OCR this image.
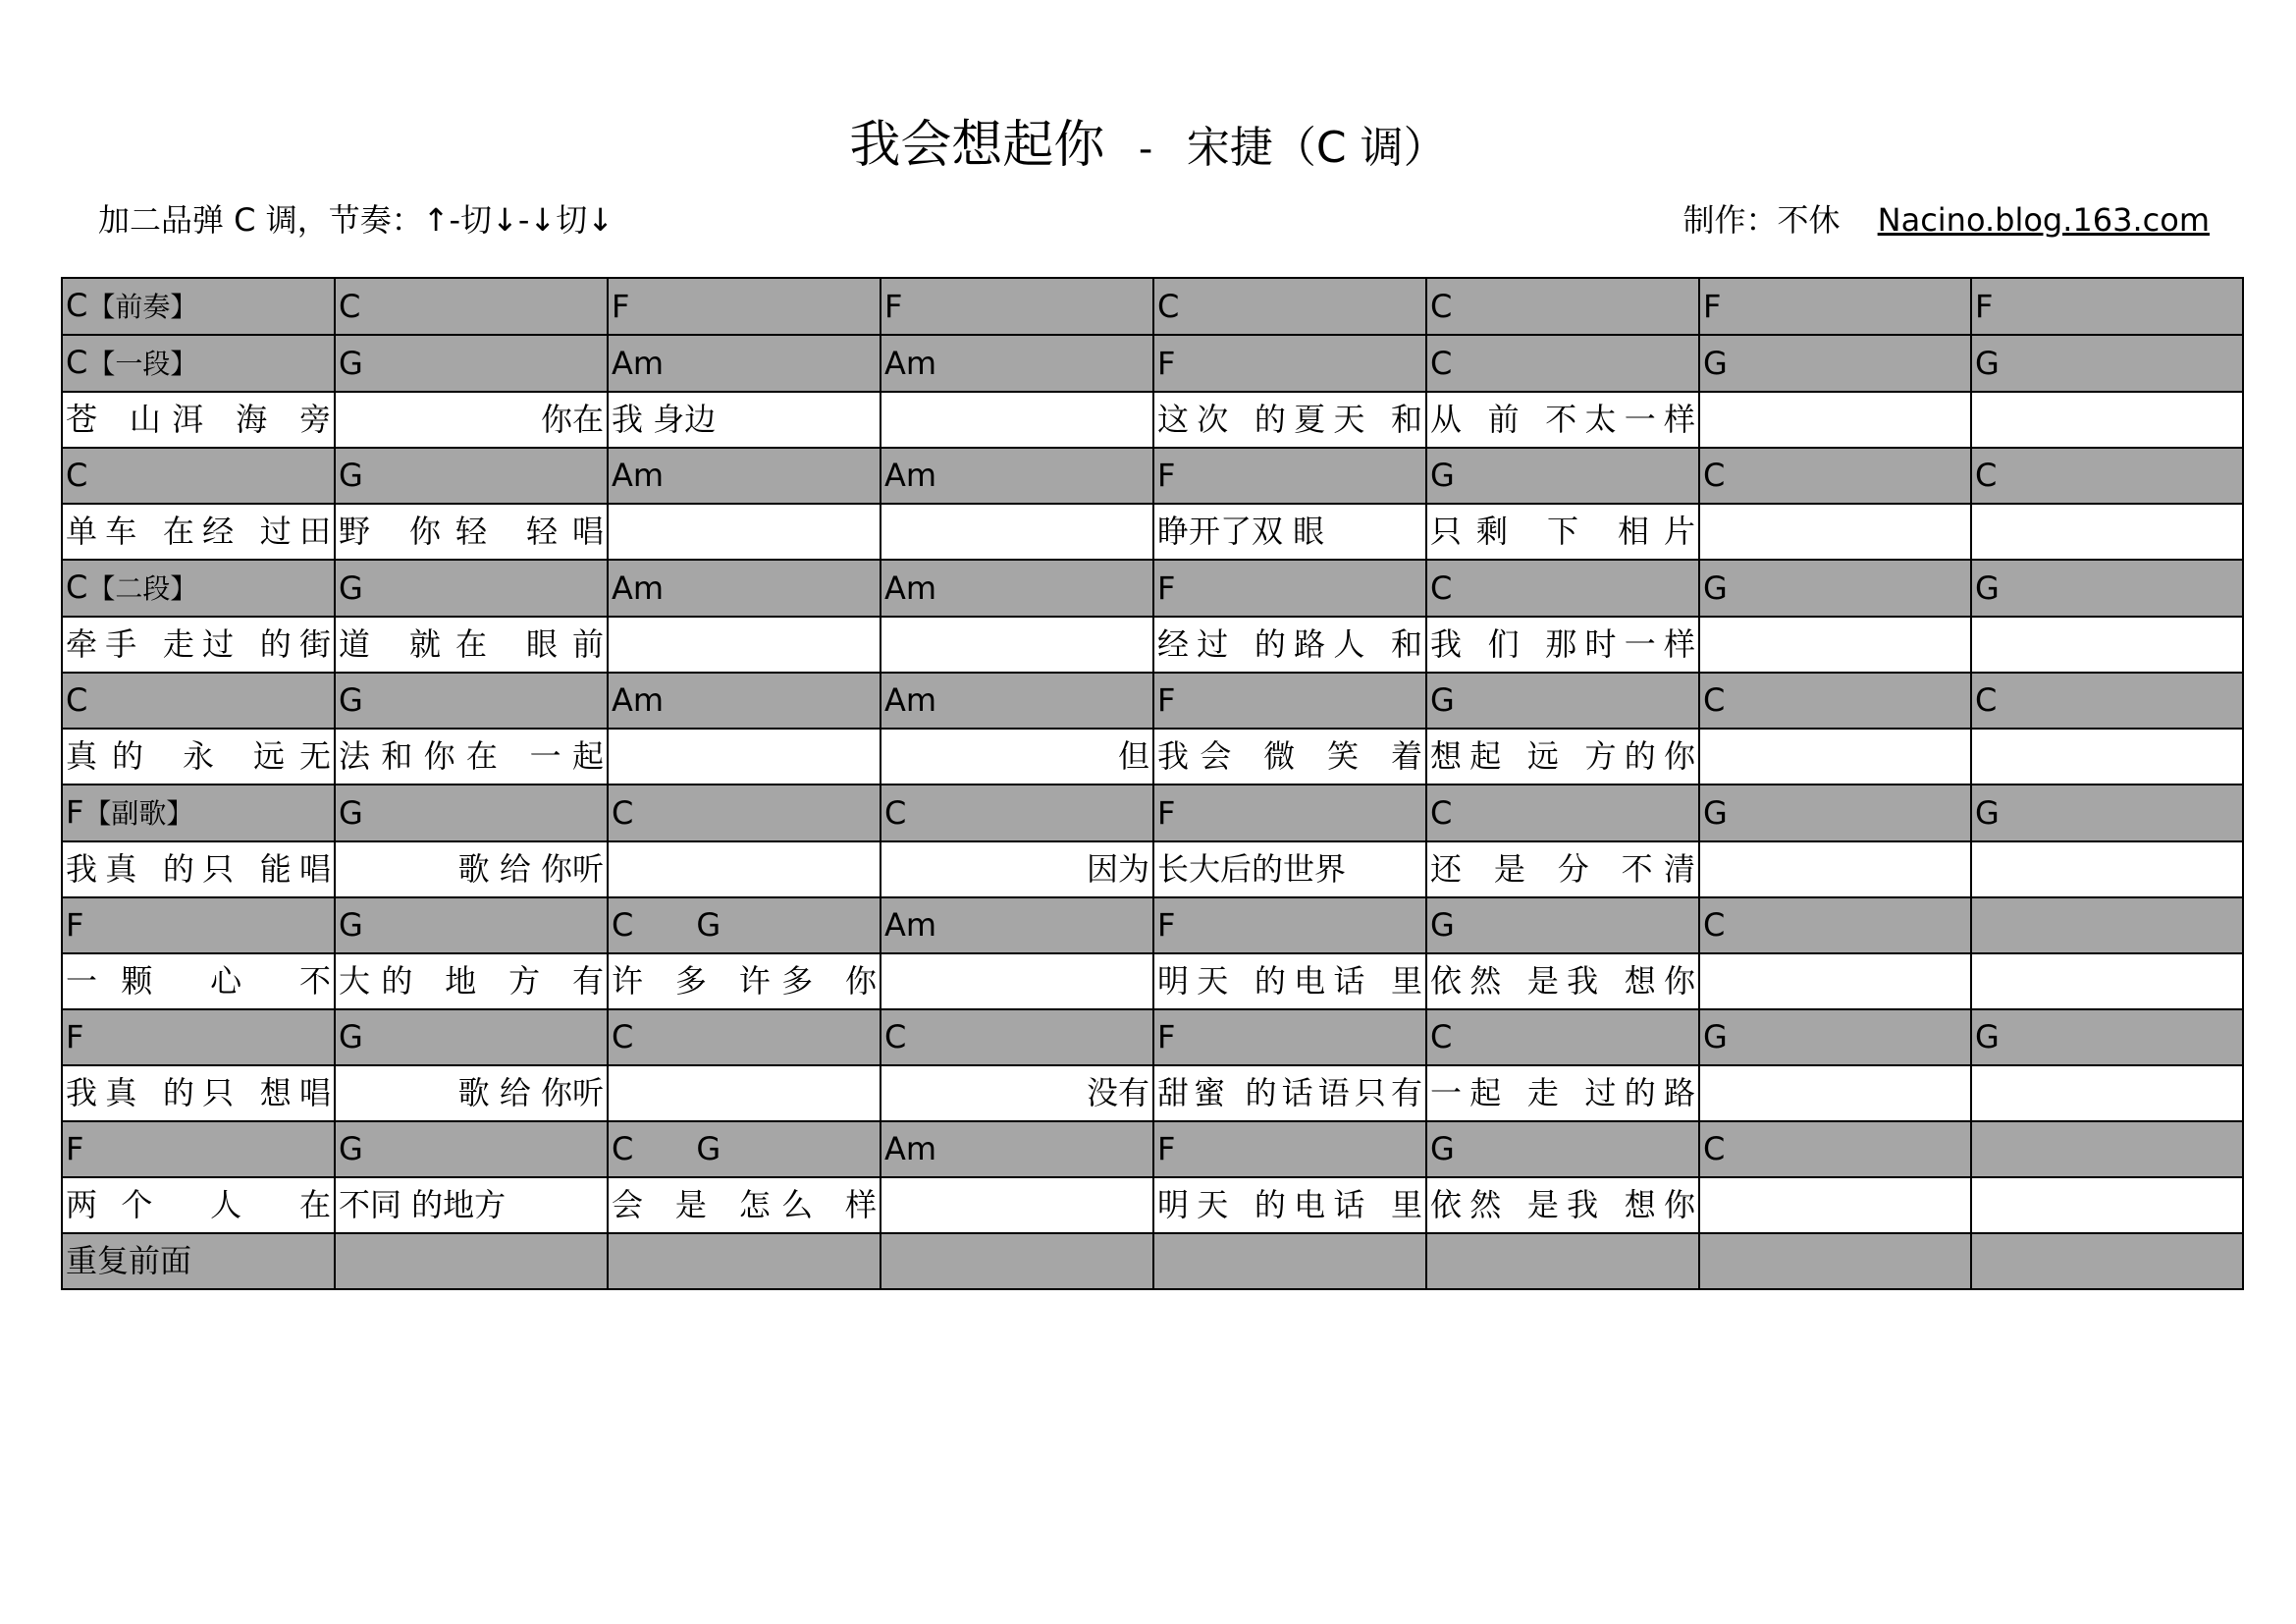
我会想起你 - 宋捷（C 调）
加二品弹 C 调，节奏：↑-切↓-↓切↓	制作：不休 Nacino.blog.163.com
C【前奏】	C	F	F	C	C	F	F
C【一段】	G	Am	Am	F	C	G	G
苍 山洱 海 旁	你在	我 身边		这次 的夏天 和	从 前 不太一样		
C	G	Am	Am	F	G	C	C
单车 在经 过田	野 你轻 轻唱			睁开了双 眼	只剩 下 相片		
C【二段】	G	Am	Am	F	C	G	G
牵手 走过 的街	道 就在 眼前			经过 的路人 和	我 们 那时一样		
C	G	Am	Am	F	G	C	C
真的 永 远无	法和你在 一起		但	我会 微 笑 着	想起 远 方的你		
F【副歌】	G	C	C	F	C	G	G
我真 的只 能唱	歌 给 你听		因为	长大后的世界	还 是 分 不清		
F	G	C　　G	Am	F	G	C	
一颗 心 不	大的 地 方 有	许 多 许多 你		明天 的电话 里	依然 是我 想你		
F	G	C	C	F	C	G	G
我真 的只 想唱	歌 给 你听		没有	甜蜜 的话语只有	一起 走 过的路		
F	G	C　　G	Am	F	G	C	
两个 人 在	不同 的地方	会 是 怎么 样		明天 的电话 里	依然 是我 想你		
重复前面							
